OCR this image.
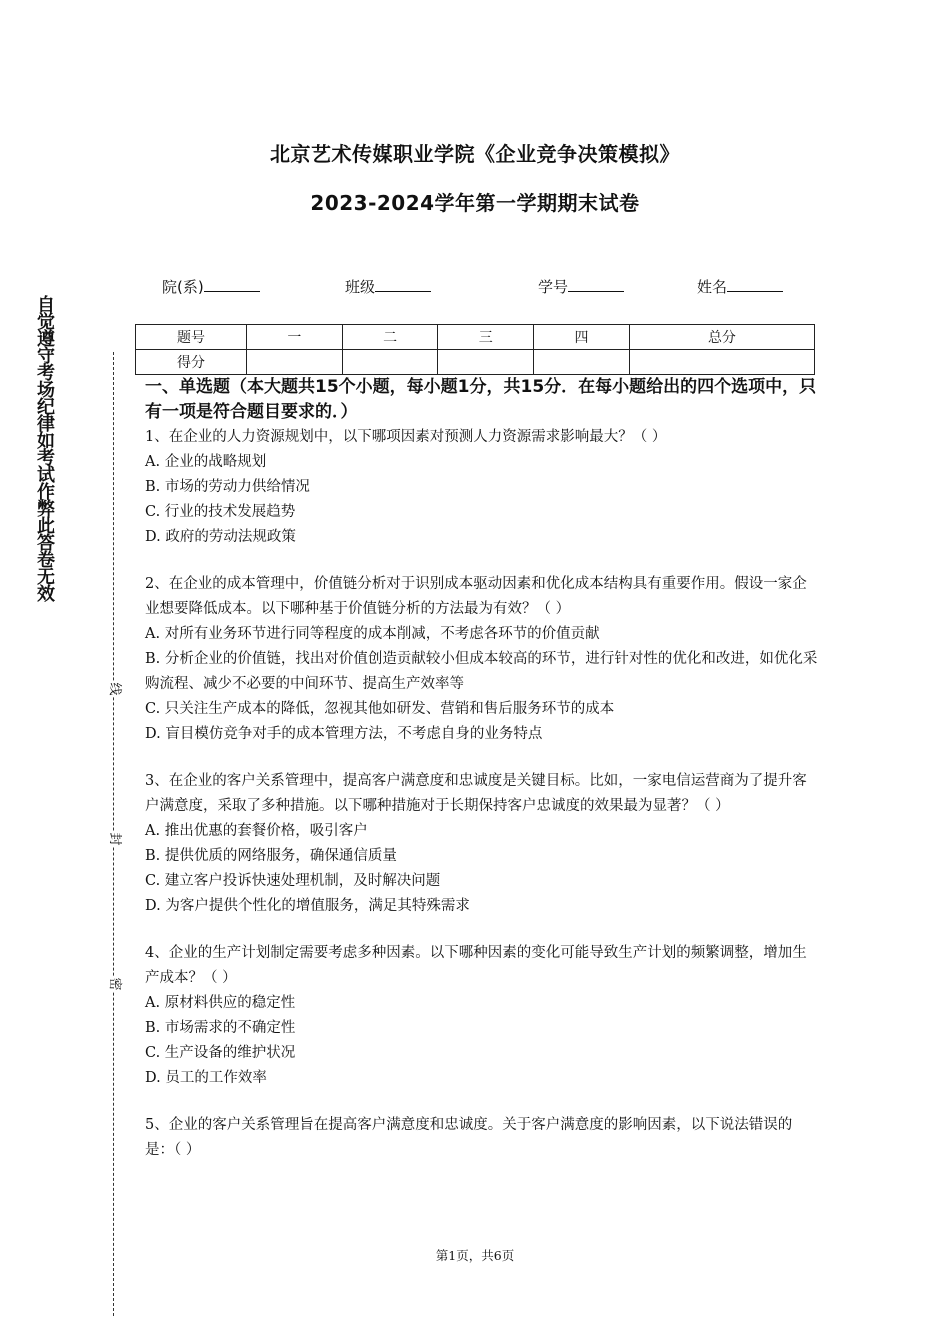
北京艺术传媒职业学院《企业竞争决策模拟》
2023-2024学年第一学期期末试卷
自觉遵守考场纪律如考试作弊此答卷无效
线
封
密
院(系)	班级	学号	姓名
题号	一	二	三	四	总分
得分					
一、单选题（本大题共15个小题，每小题1分，共15分．在每小题给出的四个选项中，只有一项是符合题目要求的．）

1、在企业的人力资源规划中，以下哪项因素对预测人力资源需求影响最大？（ ）

A. 企业的战略规划

B. 市场的劳动力供给情况

C. 行业的技术发展趋势

D. 政府的劳动法规政策

2、在企业的成本管理中，价值链分析对于识别成本驱动因素和优化成本结构具有重要作用。假设一家企业想要降低成本。以下哪种基于价值链分析的方法最为有效？（ ）

A. 对所有业务环节进行同等程度的成本削减，不考虑各环节的价值贡献

B. 分析企业的价值链，找出对价值创造贡献较小但成本较高的环节，进行针对性的优化和改进，如优化采购流程、减少不必要的中间环节、提高生产效率等

C. 只关注生产成本的降低，忽视其他如研发、营销和售后服务环节的成本

D. 盲目模仿竞争对手的成本管理方法，不考虑自身的业务特点

3、在企业的客户关系管理中，提高客户满意度和忠诚度是关键目标。比如，一家电信运营商为了提升客户满意度，采取了多种措施。以下哪种措施对于长期保持客户忠诚度的效果最为显著？（ ）

A. 推出优惠的套餐价格，吸引客户

B. 提供优质的网络服务，确保通信质量

C. 建立客户投诉快速处理机制，及时解决问题

D. 为客户提供个性化的增值服务，满足其特殊需求

4、企业的生产计划制定需要考虑多种因素。以下哪种因素的变化可能导致生产计划的频繁调整，增加生产成本？（ ）

A. 原材料供应的稳定性

B. 市场需求的不确定性

C. 生产设备的维护状况

D. 员工的工作效率

5、企业的客户关系管理旨在提高客户满意度和忠诚度。关于客户满意度的影响因素，以下说法错误的是：（ ）

第1页，共6页
